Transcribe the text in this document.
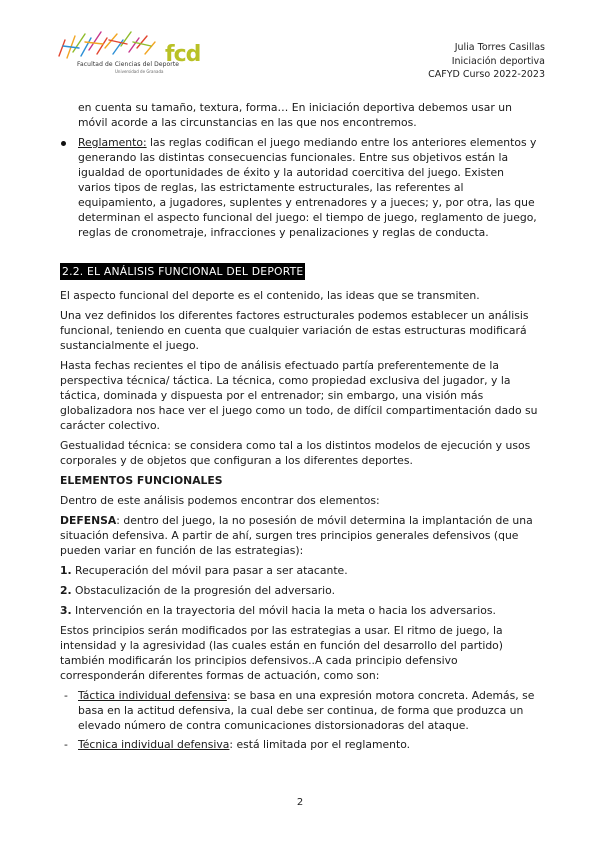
Facultad de Ciencias del Deporte
Universidad de Granada
fcd	Julia Torres Casillas
Iniciación deportiva
CAFYD Curso 2022-2023

en cuenta su tamaño, textura, forma… En iniciación deportiva debemos usar un móvil acorde a las circunstancias en las que nos encontremos.

Reglamento: las reglas codifican el juego mediando entre los anteriores elementos y generando las distintas consecuencias funcionales. Entre sus objetivos están la igualdad de oportunidades de éxito y la autoridad coercitiva del juego. Existen varios tipos de reglas, las estrictamente estructurales, las referentes al equipamiento, a jugadores, suplentes y entrenadores y a jueces; y, por otra, las que determinan el aspecto funcional del juego: el tiempo de juego, reglamento de juego, reglas de cronometraje, infracciones y penalizaciones y reglas de conducta.
2.2. EL ANÁLISIS FUNCIONAL DEL DEPORTE

El aspecto funcional del deporte es el contenido, las ideas que se transmiten.

Una vez definidos los diferentes factores estructurales podemos establecer un análisis funcional, teniendo en cuenta que cualquier variación de estas estructuras modificará sustancialmente el juego.

Hasta fechas recientes el tipo de análisis efectuado partía preferentemente de la perspectiva técnica/ táctica. La técnica, como propiedad exclusiva del jugador, y la táctica, dominada y dispuesta por el entrenador; sin embargo, una visión más globalizadora nos hace ver el juego como un todo, de difícil compartimentación dado su carácter colectivo.

Gestualidad técnica: se considera como tal a los distintos modelos de ejecución y usos corporales y de objetos que configuran a los diferentes deportes.

ELEMENTOS FUNCIONALES

Dentro de este análisis podemos encontrar dos elementos:

DEFENSA: dentro del juego, la no posesión de móvil determina la implantación de una situación defensiva. A partir de ahí, surgen tres principios generales defensivos (que pueden variar en función de las estrategias):

1. Recuperación del móvil para pasar a ser atacante.

2. Obstaculización de la progresión del adversario.

3. Intervención en la trayectoria del móvil hacia la meta o hacia los adversarios.

Estos principios serán modificados por las estrategias a usar. El ritmo de juego, la intensidad y la agresividad (las cuales están en función del desarrollo del partido) también modificarán los principios defensivos..A cada principio defensivo corresponderán diferentes formas de actuación, como son:

- Táctica individual defensiva: se basa en una expresión motora concreta. Además, se basa en la actitud defensiva, la cual debe ser continua, de forma que produzca un elevado número de contra comunicaciones distorsionadoras del ataque.
- Técnica individual defensiva: está limitada por el reglamento.
2
